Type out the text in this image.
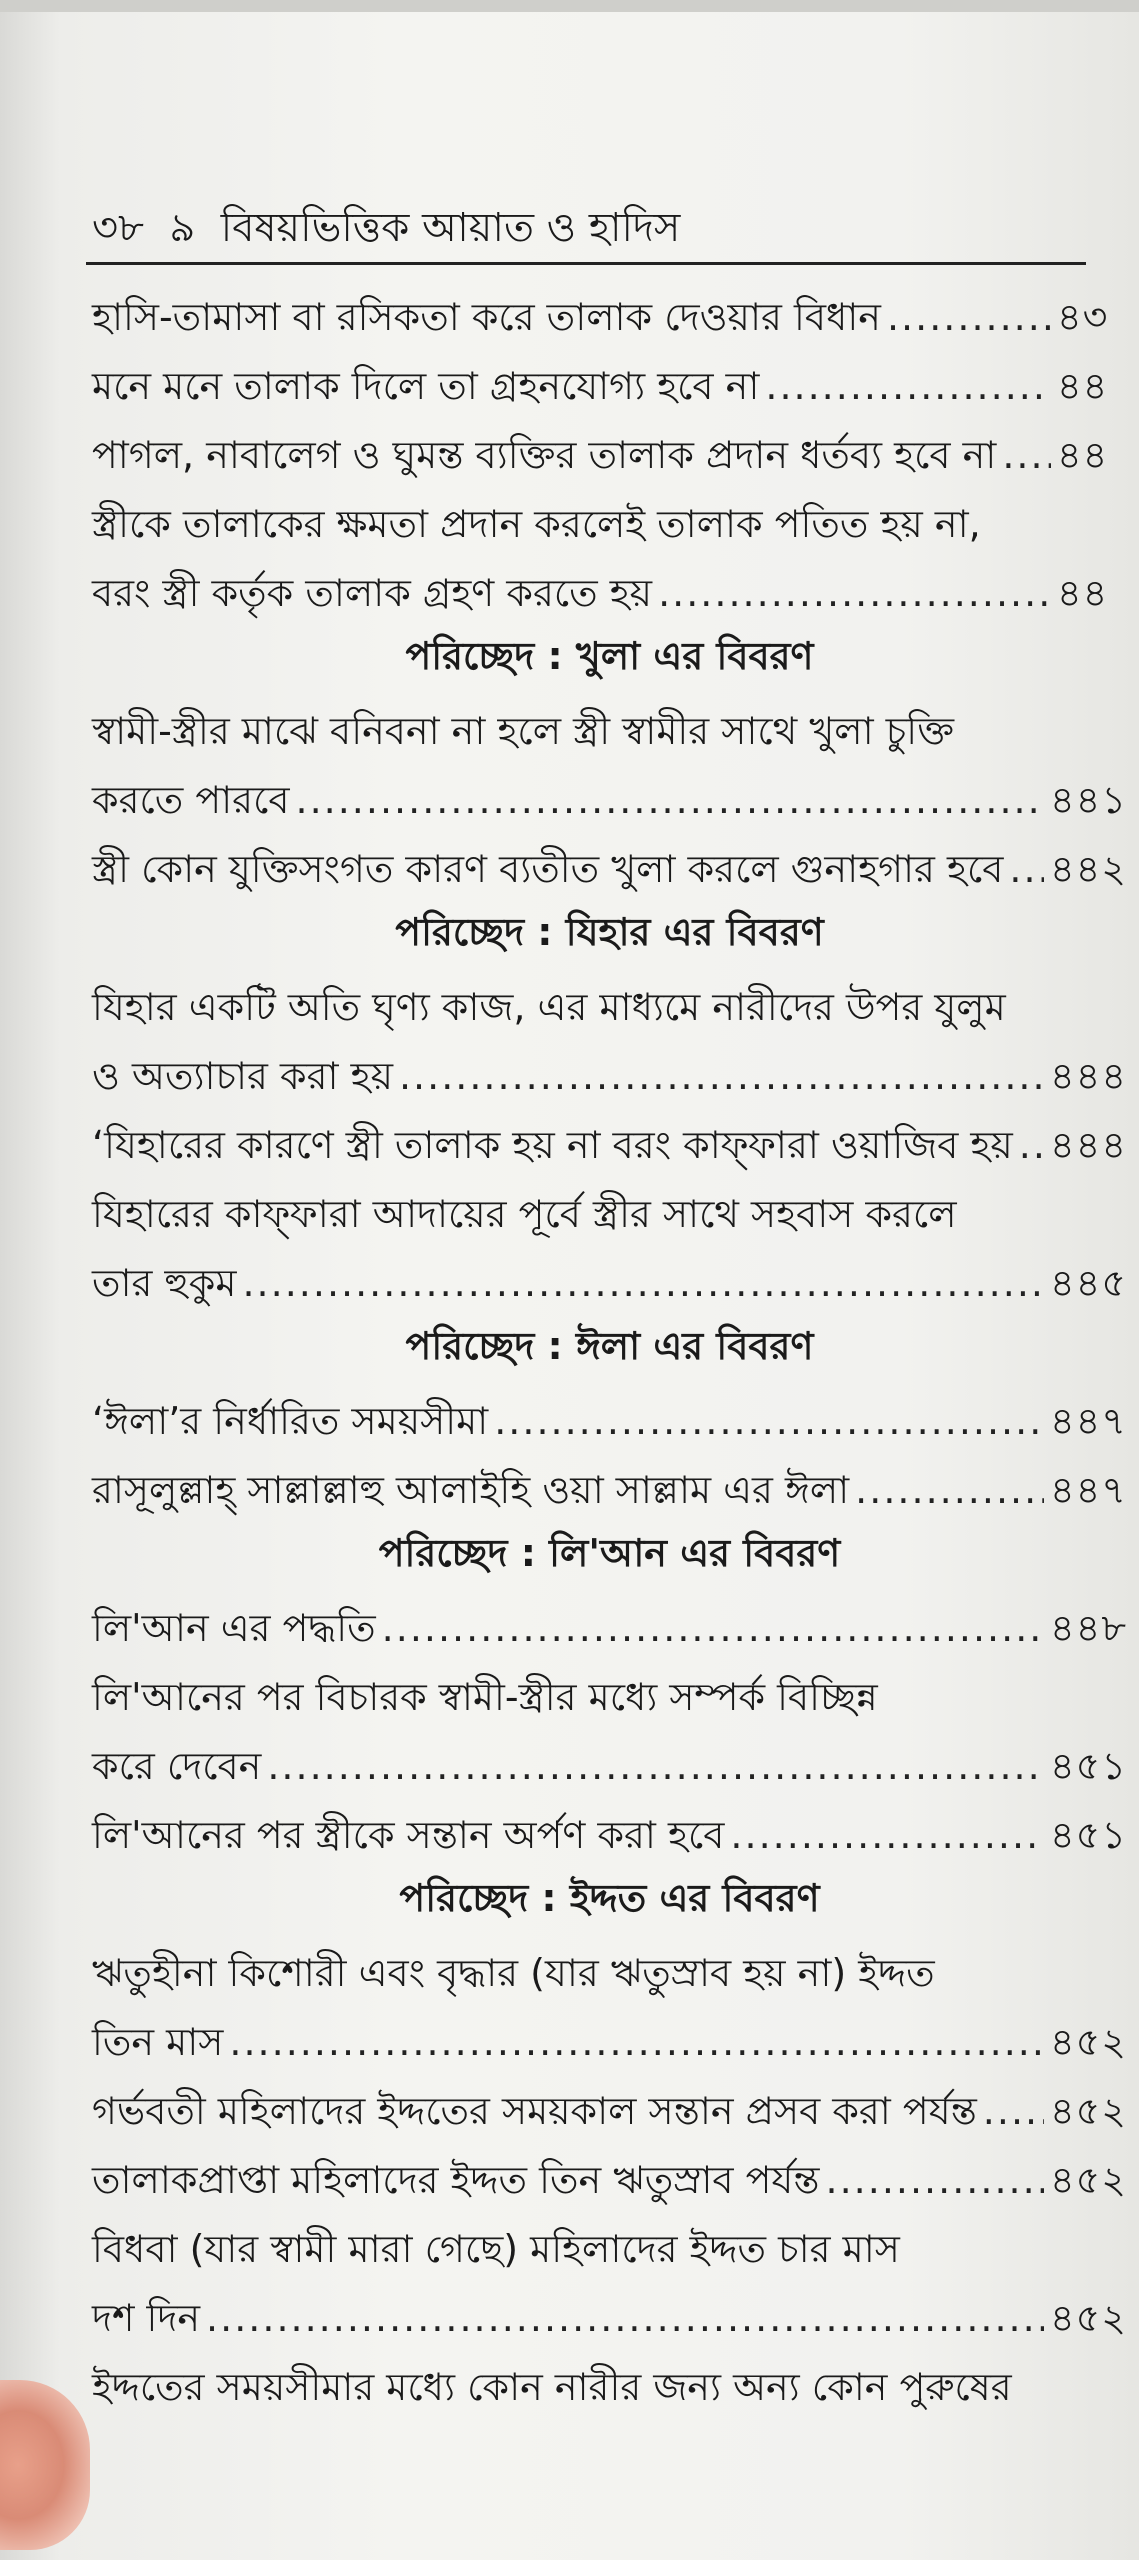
৩৮  ৯  বিষয়ভিত্তিক আয়াত ও হাদিস
হাসি-তামাসা বা রসিকতা করে তালাক দেওয়ার বিধান .....	৪৩
মনে মনে তালাক দিলে তা গ্রহনযোগ্য হবে না .....	৪৪
পাগল, নাবালেগ ও ঘুমন্ত ব্যক্তির তালাক প্রদান ধর্তব্য হবে না ..... ৪৪
স্ত্রীকে তালাকের ক্ষমতা প্রদান করলেই তালাক পতিত হয় না,
বরং স্ত্রী কর্তৃক তালাক গ্রহণ করতে হয় .....	৪৪
পরিচ্ছেদ : খুলা এর বিবরণ
স্বামী-স্ত্রীর মাঝে বনিবনা না হলে স্ত্রী স্বামীর সাথে খুলা চুক্তি
করতে পারবে .....	৪৪১
স্ত্রী কোন যুক্তিসংগত কারণ ব্যতীত খুলা করলে গুনাহগার হবে ..... ৪৪২
পরিচ্ছেদ : যিহার এর বিবরণ
যিহার একটি অতি ঘৃণ্য কাজ, এর মাধ্যমে নারীদের উপর যুলুম
ও অত্যাচার করা হয় .....	৪৪৪
‘যিহারের কারণে স্ত্রী তালাক হয় না বরং কাফ্‌ফারা ওয়াজিব হয় ..... ৪৪৪
যিহারের কাফ্‌ফারা আদায়ের পূর্বে স্ত্রীর সাথে সহবাস করলে
তার হুকুম .....	৪৪৫
পরিচ্ছেদ : ঈলা এর বিবরণ
‘ঈলা’র নির্ধারিত সময়সীমা .....	৪৪৭
রাসূলুল্লাহ্‌ সাল্লাল্লাহু আলাইহি ওয়া সাল্লাম এর ঈলা .....	৪৪৭
পরিচ্ছেদ : লি'আন এর বিবরণ
লি'আন এর পদ্ধতি .....	৪৪৮
লি'আনের পর বিচারক স্বামী-স্ত্রীর মধ্যে সম্পর্ক বিচ্ছিন্ন
করে দেবেন .....	৪৫১
লি'আনের পর স্ত্রীকে সন্তান অর্পণ করা হবে .....	৪৫১
পরিচ্ছেদ : ইদ্দত এর বিবরণ
ঋতুহীনা কিশোরী এবং বৃদ্ধার (যার ঋতুস্রাব হয় না) ইদ্দত
তিন মাস .....	৪৫২
গর্ভবতী মহিলাদের ইদ্দতের সময়কাল সন্তান প্রসব করা পর্যন্ত ..... ৪৫২
তালাকপ্রাপ্তা মহিলাদের ইদ্দত তিন ঋতুস্রাব পর্যন্ত .....	৪৫২
বিধবা (যার স্বামী মারা গেছে) মহিলাদের ইদ্দত চার মাস
দশ দিন .....	৪৫২
ইদ্দতের সময়সীমার মধ্যে কোন নারীর জন্য অন্য কোন পুরুষের
